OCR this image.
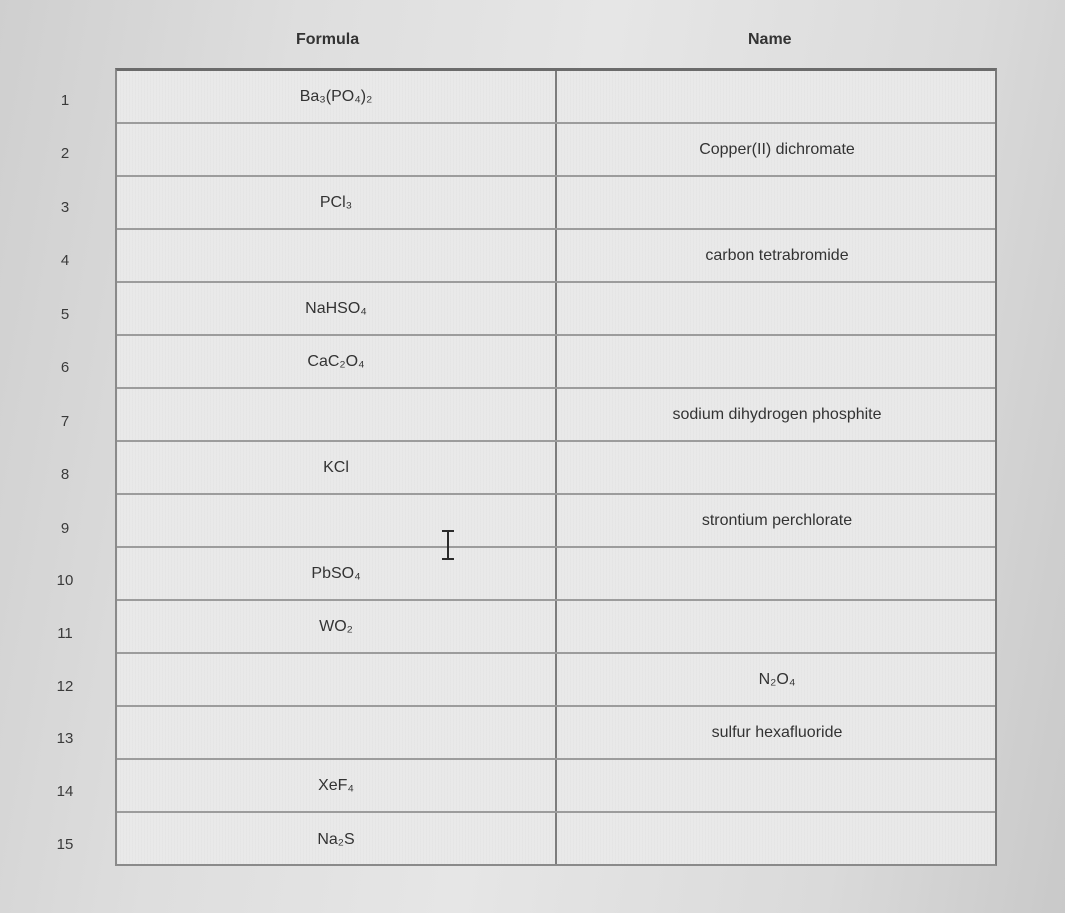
Formula	Name
1
2
3
4
5
6
7
8
9
10
11
12
13
14
15
Ba₃(PO₄)₂
Copper(II) dichromate
PCl₃
carbon tetrabromide
NaHSO₄
CaC₂O₄
sodium dihydrogen phosphite
KCl
strontium perchlorate
PbSO₄
WO₂
N₂O₄
sulfur hexafluoride
XeF₄
Na₂S
